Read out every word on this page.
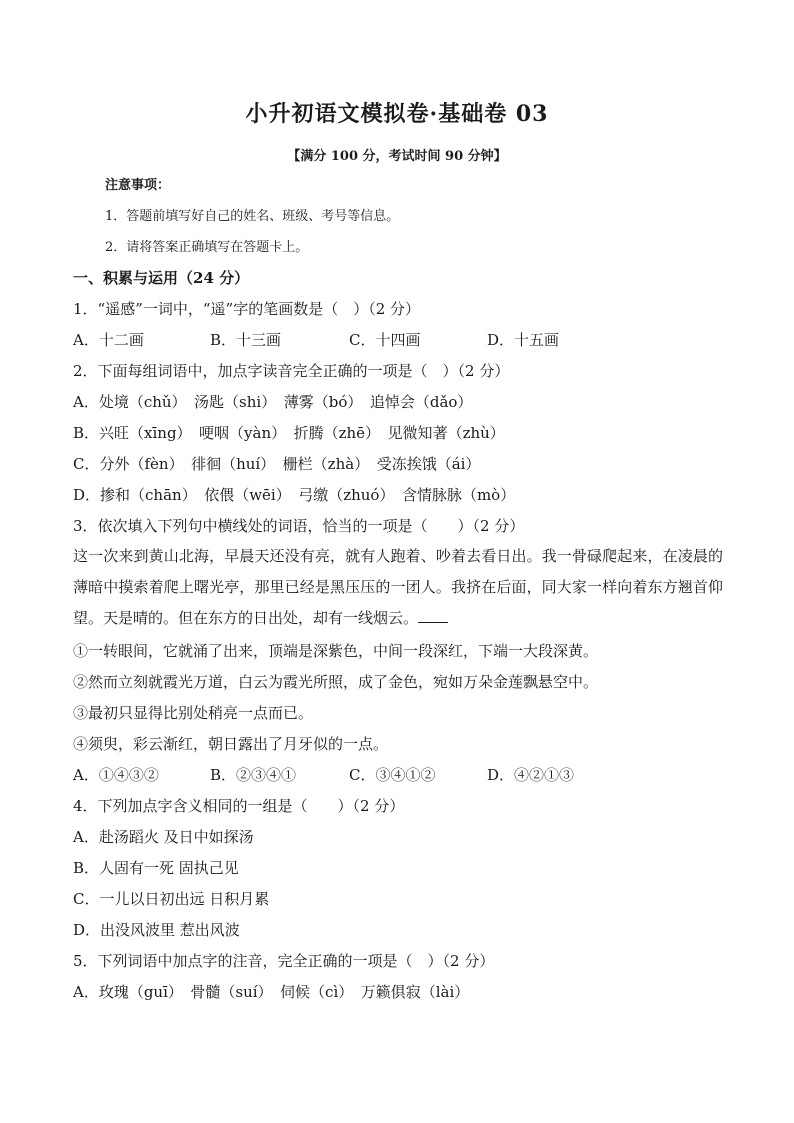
小升初语文模拟卷·基础卷 03
【满分 100 分，考试时间 90 分钟】
注意事项：
1．答题前填写好自己的姓名、班级、考号等信息。
2．请将答案正确填写在答题卡上。
一、积累与运用（24 分）
1．“遥感”一词中，“遥”字的笔画数是（　）（2 分）
A．十二画	B．十三画	C．十四画	D．十五画
2．下面每组词语中，加点字读音完全正确的一项是（　）（2 分）
A．处境（chǔ）　汤匙（shi）　薄雾（bó）　追悼会（dǎo）
B．兴旺（xīng）　哽咽（yàn）　折腾（zhē）　见微知著（zhù）
C．分外（fèn）　徘徊（huí）　栅栏（zhà）　受冻挨饿（ái）
D．掺和（chān）　依偎（wēi）　弓缴（zhuó）　含情脉脉（mò）
3．依次填入下列句中横线处的词语，恰当的一项是（　　）（2 分）
这一次来到黄山北海，早晨天还没有亮，就有人跑着、吵着去看日出。我一骨碌爬起来，在凌晨的薄暗中摸索着爬上曙光亭，那里已经是黑压压的一团人。我挤在后面，同大家一样向着东方翘首仰望。天是晴的。但在东方的日出处，却有一线烟云。
①一转眼间，它就涌了出来，顶端是深紫色，中间一段深红，下端一大段深黄。
②然而立刻就霞光万道，白云为霞光所照，成了金色，宛如万朵金莲飘悬空中。
③最初只显得比别处稍亮一点而已。
④须臾，彩云渐红，朝日露出了月牙似的一点。
A．①④③②	B．②③④①	C．③④①②	D．④②①③
4．下列加点字含义相同的一组是（　　）（2 分）
A．赴汤蹈火 及日中如探汤
B．人固有一死 固执己见
C．一儿以日初出远 日积月累
D．出没风波里 惹出风波
5．下列词语中加点字的注音，完全正确的一项是（　）（2 分）
A．玫瑰（guī）　骨髓（suí）　伺候（cì）　万籁俱寂（lài）
